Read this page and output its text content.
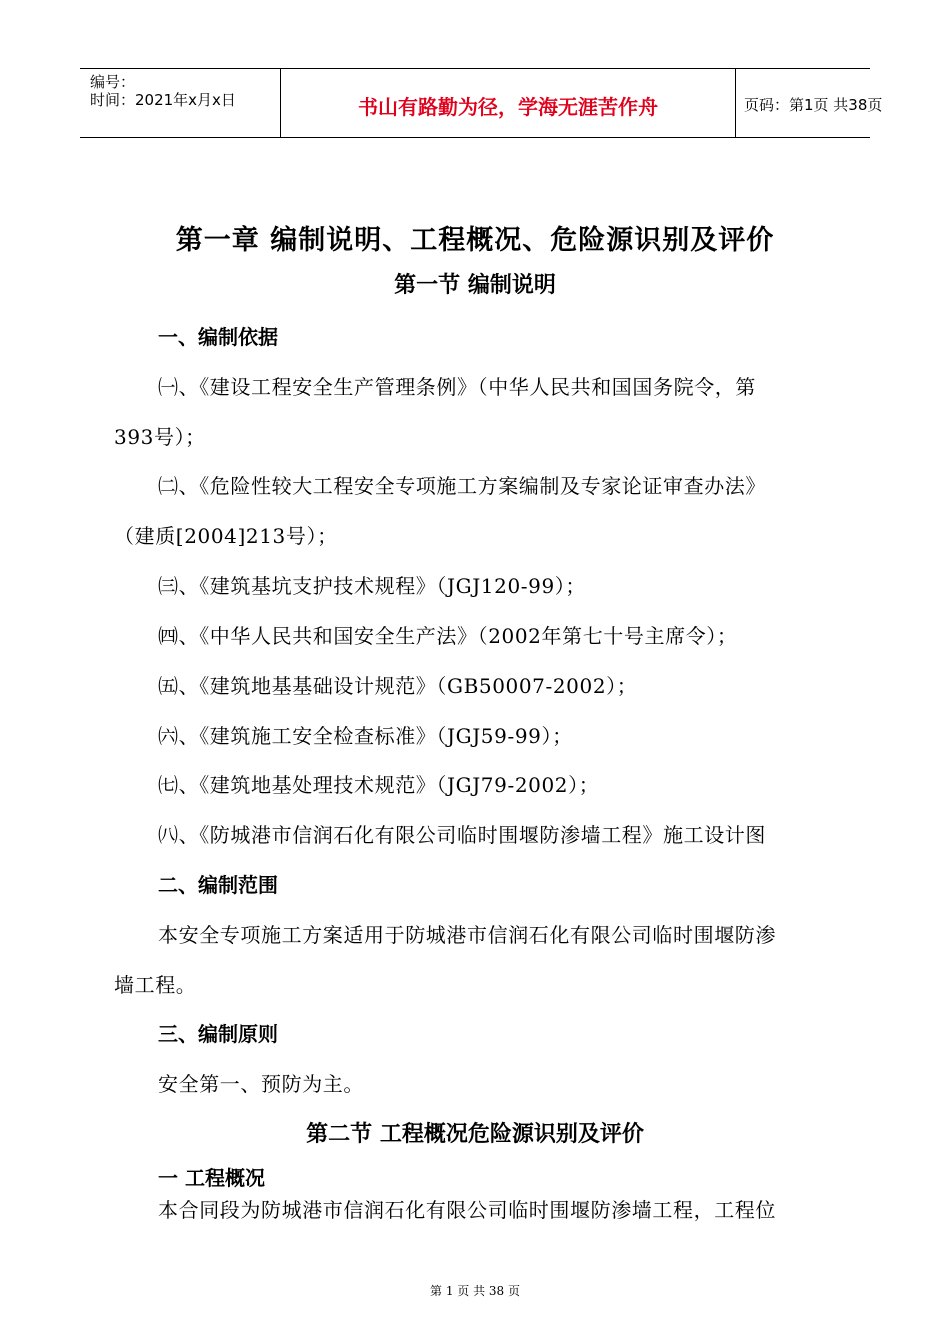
编号：
时间：2021年x月x日	书山有路勤为径，学海无涯苦作舟	页码：第1页 共38页
第一章 编制说明、工程概况、危险源识别及评价
第一节 编制说明
一、编制依据
㈠、《建设工程安全生产管理条例》（中华人民共和国国务院令，第
393号）；
㈡、《危险性较大工程安全专项施工方案编制及专家论证审查办法》
（建质[2004]213号）；
㈢、《建筑基坑支护技术规程》（JGJ120-99）；
㈣、《中华人民共和国安全生产法》（2002年第七十号主席令）；
㈤、《建筑地基基础设计规范》（GB50007-2002）；
㈥、《建筑施工安全检查标准》（JGJ59-99）；
㈦、《建筑地基处理技术规范》（JGJ79-2002）；
㈧、《防城港市信润石化有限公司临时围堰防渗墙工程》施工设计图
二、编制范围
本安全专项施工方案适用于防城港市信润石化有限公司临时围堰防渗
墙工程。
三、编制原则
安全第一、预防为主。
第二节 工程概况危险源识别及评价
一 工程概况
本合同段为防城港市信润石化有限公司临时围堰防渗墙工程，工程位
第 1 页 共 38 页
